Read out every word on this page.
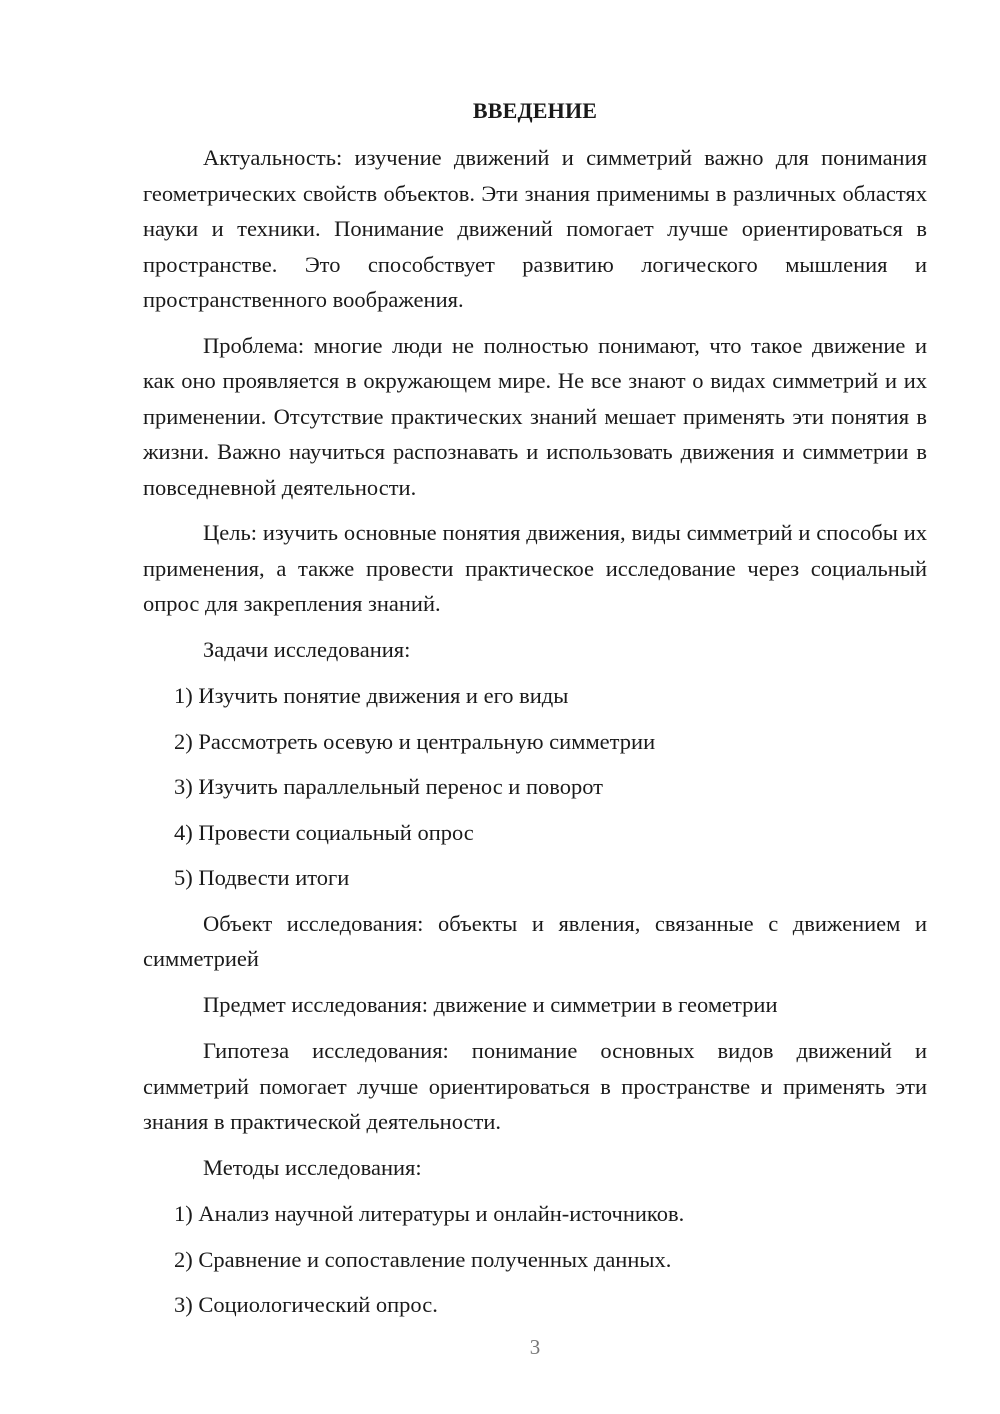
ВВЕДЕНИЕ

Актуальность: изучение движений и симметрий важно для понимания геометрических свойств объектов. Эти знания применимы в различных областях науки и техники. Понимание движений помогает лучше ориентироваться в пространстве. Это способствует развитию логического мышления и пространственного воображения.

Проблема: многие люди не полностью понимают, что такое движение и как оно проявляется в окружающем мире. Не все знают о видах симметрий и их применении. Отсутствие практических знаний мешает применять эти понятия в жизни. Важно научиться распознавать и использовать движения и симметрии в повседневной деятельности.

Цель: изучить основные понятия движения, виды симметрий и способы их применения, а также провести практическое исследование через социальный опрос для закрепления знаний.

Задачи исследования:

1) Изучить понятие движения и его виды
2) Рассмотреть осевую и центральную симметрии
3) Изучить параллельный перенос и поворот
4) Провести социальный опрос
5) Подвести итоги

Объект исследования: объекты и явления, связанные с движением и симметрией

Предмет исследования: движение и симметрии в геометрии

Гипотеза исследования: понимание основных видов движений и симметрий помогает лучше ориентироваться в пространстве и применять эти знания в практической деятельности.

Методы исследования:

1) Анализ научной литературы и онлайн-источников.
2) Сравнение и сопоставление полученных данных.
3) Социологический опрос.
3
